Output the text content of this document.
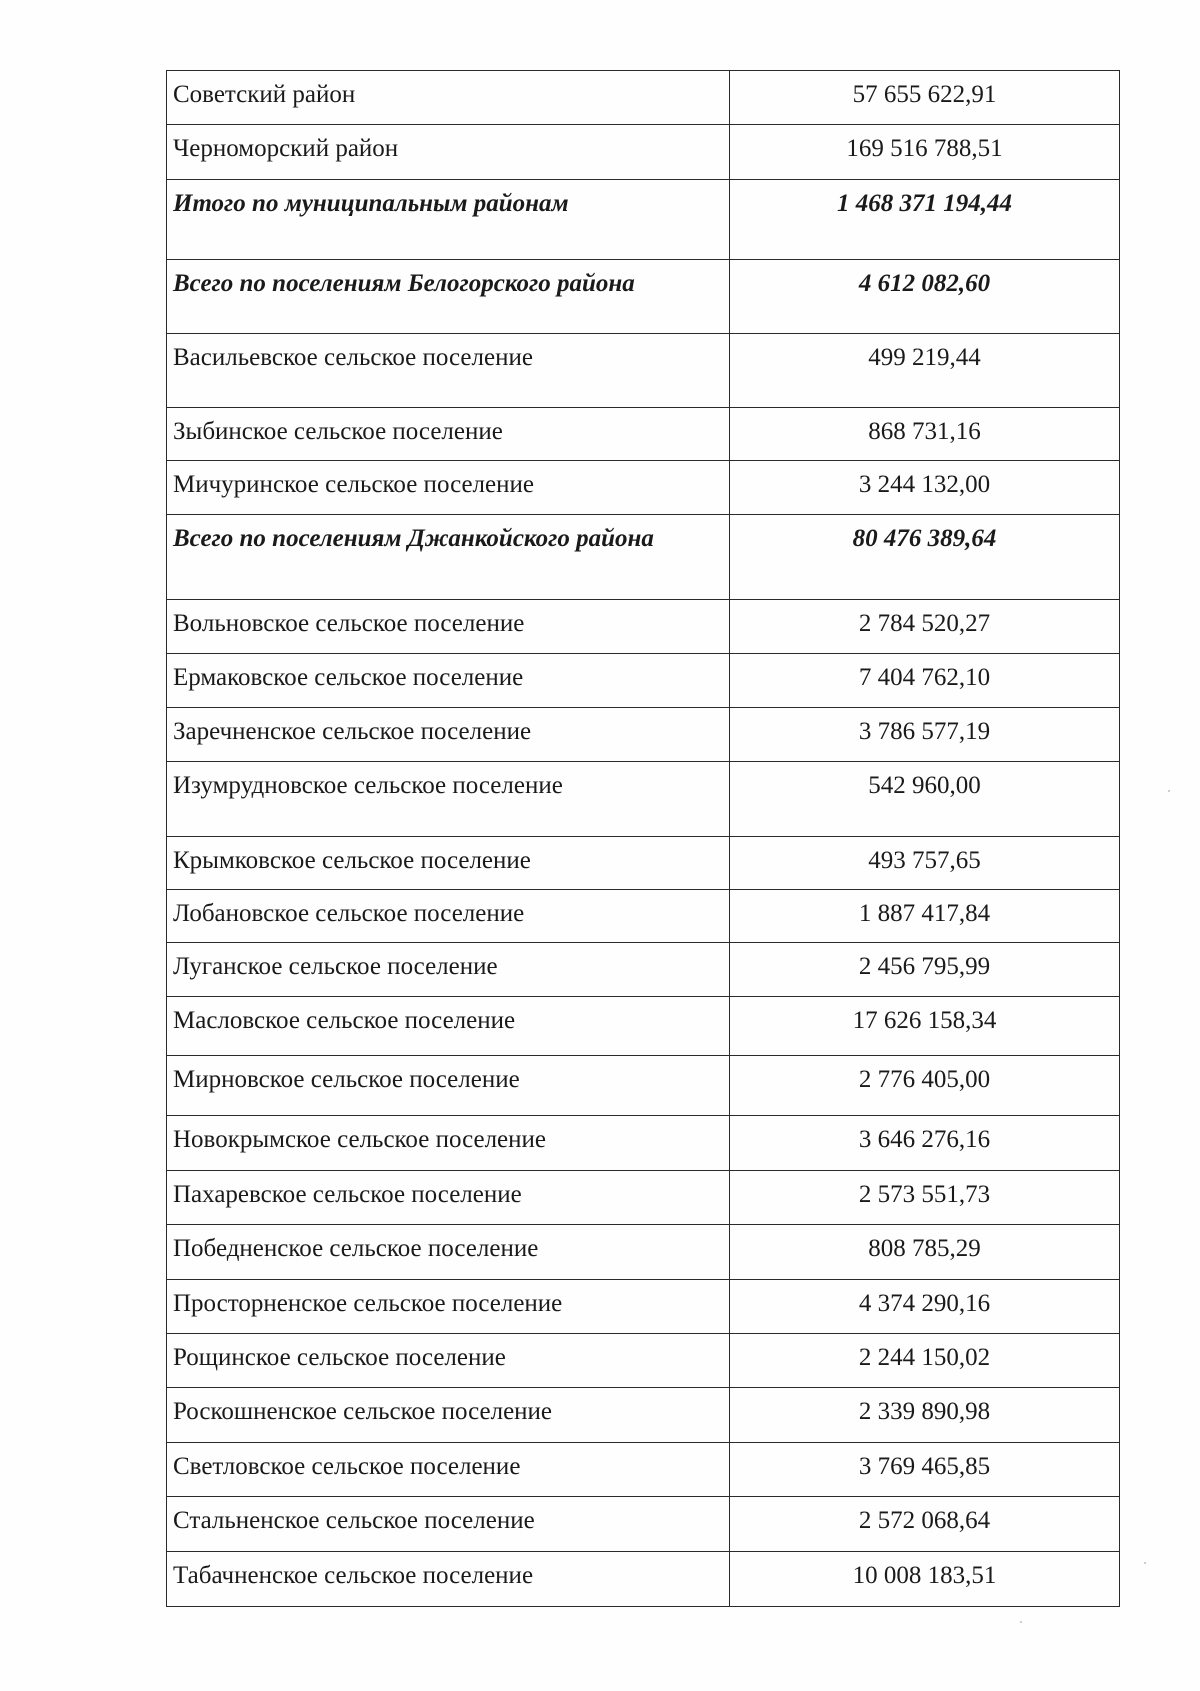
Советский район	57 655 622,91
Черноморский район	169 516 788,51
Итого по муниципальным районам	1 468 371 194,44
Всего по поселениям Белогорского района	4 612 082,60
Васильевское сельское поселение	499 219,44
Зыбинское сельское поселение	868 731,16
Мичуринское сельское поселение	3 244 132,00
Всего по поселениям Джанкойского района	80 476 389,64
Вольновское сельское поселение	2 784 520,27
Ермаковское сельское поселение	7 404 762,10
Заречненское сельское поселение	3 786 577,19
Изумрудновское сельское поселение	542 960,00
Крымковское сельское поселение	493 757,65
Лобановское сельское поселение	1 887 417,84
Луганское сельское поселение	2 456 795,99
Масловское сельское поселение	17 626 158,34
Мирновское сельское поселение	2 776 405,00
Новокрымское сельское поселение	3 646 276,16
Пахаревское сельское поселение	2 573 551,73
Победненское сельское поселение	808 785,29
Просторненское сельское поселение	4 374 290,16
Рощинское сельское поселение	2 244 150,02
Роскошненское сельское поселение	2 339 890,98
Светловское сельское поселение	3 769 465,85
Стальненское сельское поселение	2 572 068,64
Табачненское сельское поселение	10 008 183,51
